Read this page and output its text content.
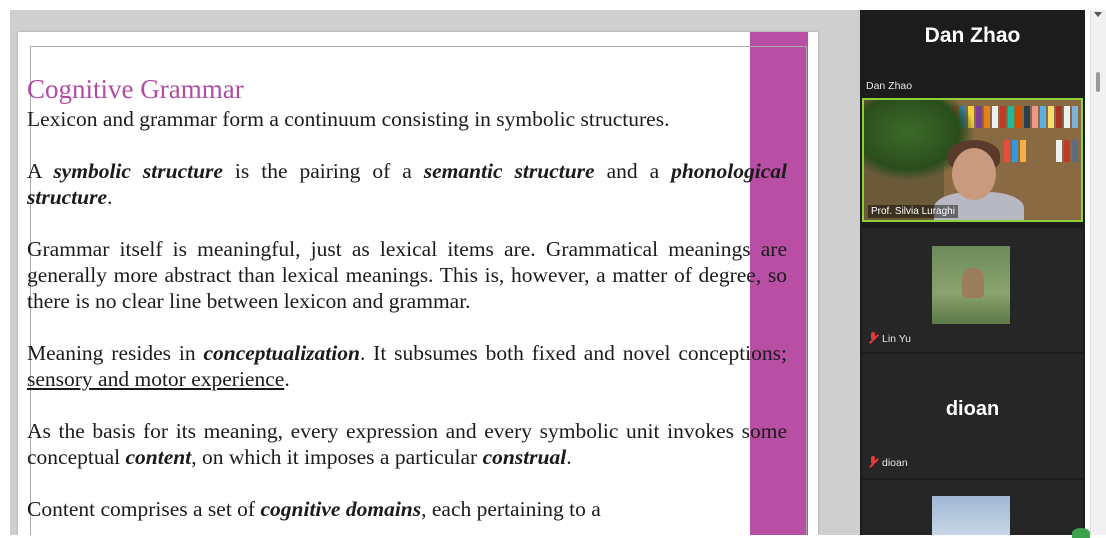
Cognitive Grammar
Lexicon and grammar form a continuum consisting in symbolic structures.
A symbolic structure is the pairing of a semantic structure and a phonological structure.
Grammar itself is meaningful, just as lexical items are. Grammatical meanings are generally more abstract than lexical meanings. This is, however, a matter of degree, so there is no clear line between lexicon and grammar.
Meaning resides in conceptualization. It subsumes both fixed and novel conceptions; sensory and motor experience.
As the basis for its meaning, every expression and every symbolic unit invokes some conceptual content, on which it imposes a particular construal.
Content comprises a set of cognitive domains, each pertaining to a
Dan Zhao
Dan Zhao
Prof. Silvia Luraghi
Lin Yu
dioan
dioan
